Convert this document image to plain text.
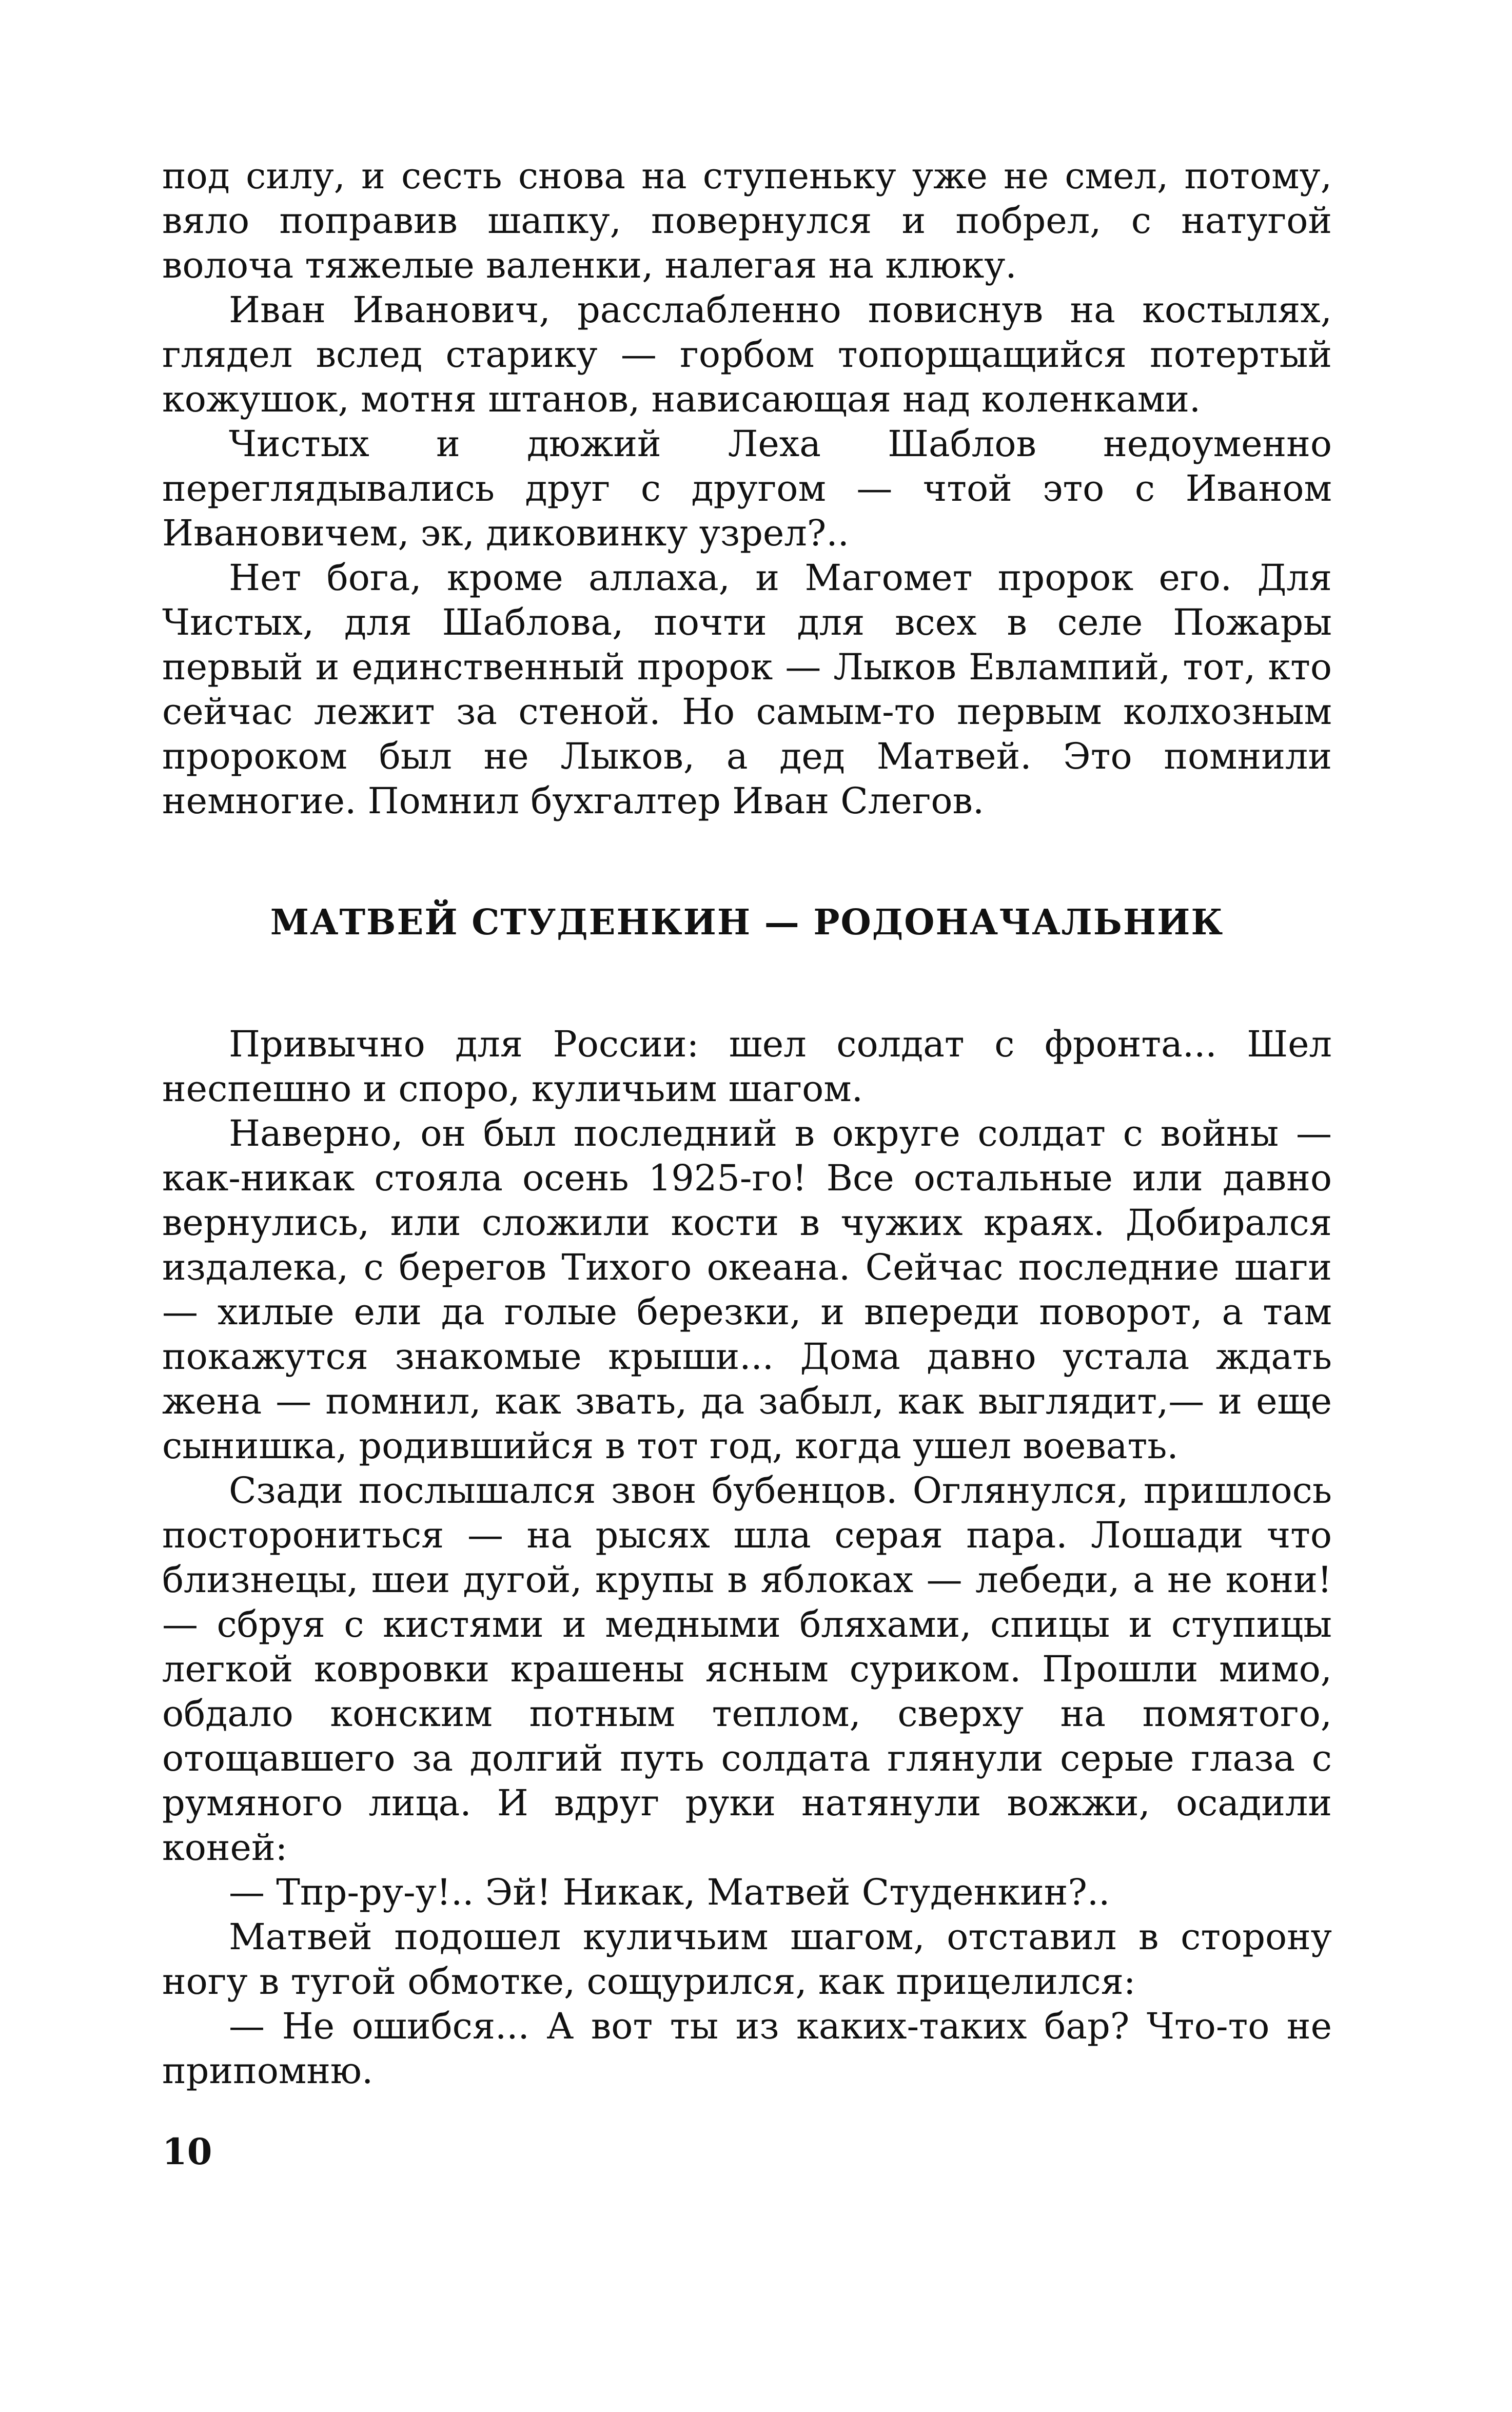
под силу, и сесть снова на ступеньку уже не смел, потому, вяло поправив шапку, повернулся и побрел, с натугой волоча тяжелые валенки, налегая на клюку.

Иван Иванович, расслабленно повиснув на костылях, глядел вслед старику — горбом топорщащийся потертый кожушок, мотня штанов, нависающая над коленками.

Чистых и дюжий Леха Шаблов недоуменно переглядывались друг с другом — чтой это с Иваном Ивановичем, эк, диковинку узрел?..

Нет бога, кроме аллаха, и Магомет пророк его. Для Чистых, для Шаблова, почти для всех в селе Пожары первый и единственный пророк — Лыков Евлампий, тот, кто сейчас лежит за стеной. Но самым-то первым колхозным пророком был не Лыков, а дед Матвей. Это помнили немногие. Помнил бухгалтер Иван Слегов.

МАТВЕЙ СТУДЕНКИН — РОДОНАЧАЛЬНИК

Привычно для России: шел солдат с фронта... Шел неспешно и споро, куличьим шагом.

Наверно, он был последний в округе солдат с войны — как-никак стояла осень 1925-го! Все остальные или давно вернулись, или сложили кости в чужих краях. Добирался издалека, с берегов Тихого океана. Сейчас последние шаги — хилые ели да голые березки, и впереди поворот, а там покажутся знакомые крыши... Дома давно устала ждать жена — помнил, как звать, да забыл, как выглядит,— и еще сынишка, родившийся в тот год, когда ушел воевать.

Сзади послышался звон бубенцов. Оглянулся, пришлось посторониться — на рысях шла серая пара. Лошади что близнецы, шеи дугой, крупы в яблоках — лебеди, а не кони! — сбруя с кистями и медными бляхами, спицы и ступицы легкой ковровки крашены ясным суриком. Прошли мимо, обдало конским потным теплом, сверху на помятого, отощавшего за долгий путь солдата глянули серые глаза с румяного лица. И вдруг руки натянули вожжи, осадили коней:

— Тпр-ру-у!.. Эй! Никак, Матвей Студенкин?..

Матвей подошел куличьим шагом, отставил в сторону ногу в тугой обмотке, сощурился, как прицелился:

— Не ошибся... А вот ты из каких-таких бар? Что-то не припомню.

10
